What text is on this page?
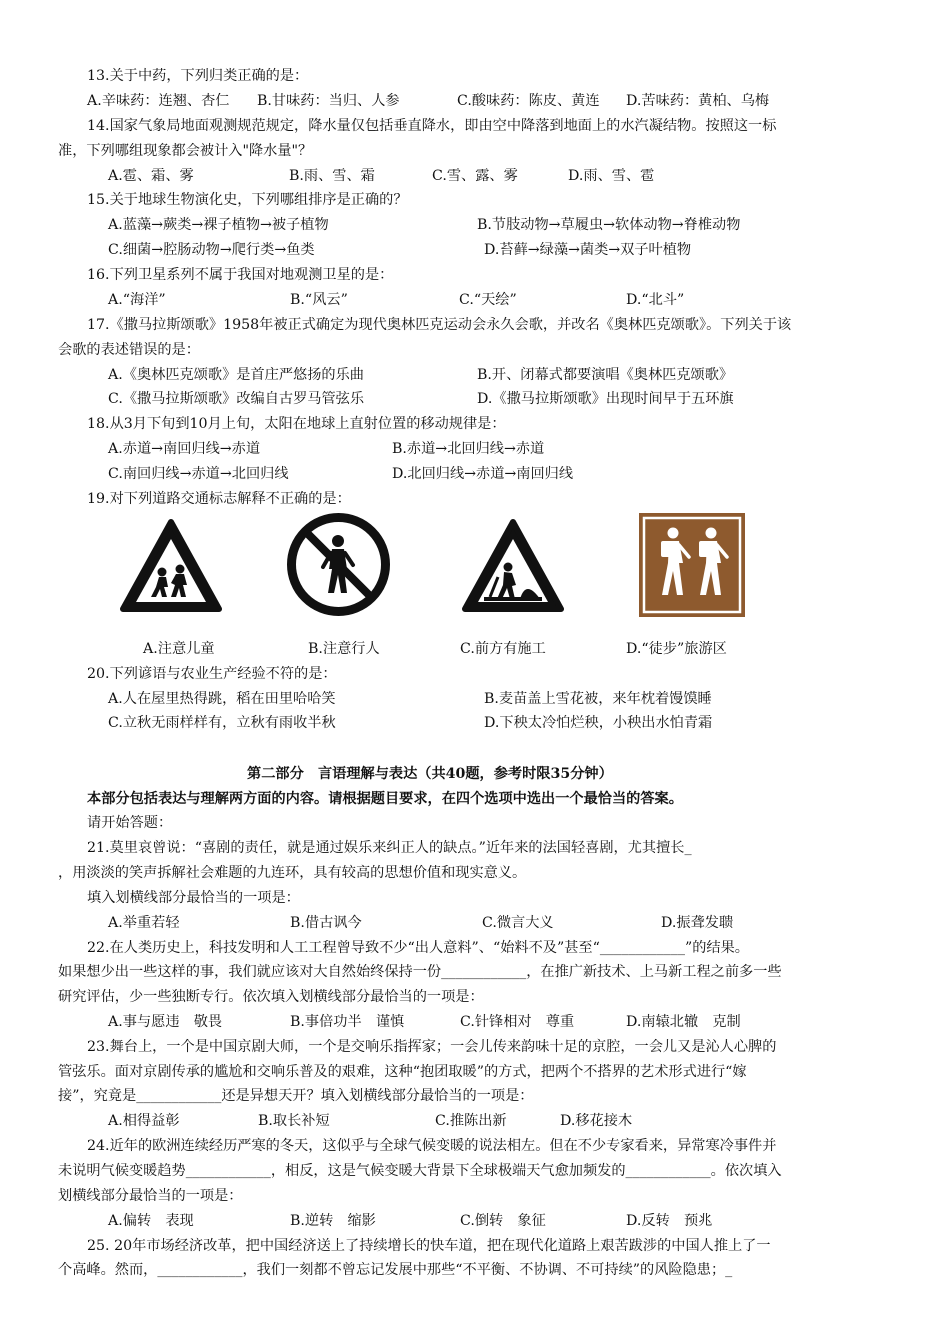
13.关于中药，下列归类正确的是：
A.辛味药：连翘、杏仁 B.甘味药：当归、人参	C.酸味药：陈皮、黄连 D.苦味药：黄柏、乌梅
14.国家气象局地面观测规范规定，降水量仅包括垂直降水，即由空中降落到地面上的水汽凝结物。按照这一标
准，下列哪组现象都会被计入"降水量"？
A.雹、霜、雾	B.雨、雪、霜	C.雪、露、雾	D.雨、雪、雹
15.关于地球生物演化史，下列哪组排序是正确的？
A.蓝藻→蕨类→裸子植物→被子植物	B.节肢动物→草履虫→软体动物→脊椎动物
C.细菌→腔肠动物→爬行类→鱼类	D.苔藓→绿藻→菌类→双子叶植物
16.下列卫星系列不属于我国对地观测卫星的是：
A.“海洋”	B.“风云”	C.“天绘”	D.“北斗”
17.《撒马拉斯颂歌》1958年被正式确定为现代奥林匹克运动会永久会歌，并改名《奥林匹克颂歌》。下列关于该
会歌的表述错误的是：
A.《奥林匹克颂歌》是首庄严悠扬的乐曲	B.开、闭幕式都要演唱《奥林匹克颂歌》
C.《撒马拉斯颂歌》改编自古罗马管弦乐	D.《撒马拉斯颂歌》出现时间早于五环旗
18.从3月下旬到10月上旬，太阳在地球上直射位置的移动规律是：
A.赤道→南回归线→赤道	B.赤道→北回归线→赤道
C.南回归线→赤道→北回归线	D.北回归线→赤道→南回归线
19.对下列道路交通标志解释不正确的是：
A.注意儿童	B.注意行人	C.前方有施工	D.“徒步”旅游区
20.下列谚语与农业生产经验不符的是：
A.人在屋里热得跳，稻在田里哈哈笑	B.麦苗盖上雪花被，来年枕着馒馍睡
C.立秋无雨样样有，立秋有雨收半秋	D.下秧太冷怕烂秧，小秧出水怕青霜
第二部分　言语理解与表达（共40题，参考时限35分钟）
本部分包括表达与理解两方面的内容。请根据题目要求，在四个选项中选出一个最恰当的答案。
请开始答题：
21.莫里哀曾说：“喜剧的责任，就是通过娱乐来纠正人的缺点。”近年来的法国轻喜剧，尤其擅长_
，用淡淡的笑声拆解社会难题的九连环，具有较高的思想价值和现实意义。
填入划横线部分最恰当的一项是：
A.举重若轻	B.借古讽今	C.微言大义	D.振聋发聩
22.在人类历史上，科技发明和人工工程曾导致不少“出人意料”、“始料不及”甚至“____________”的结果。
如果想少出一些这样的事，我们就应该对大自然始终保持一份____________，在推广新技术、上马新工程之前多一些
研究评估，少一些独断专行。依次填入划横线部分最恰当的一项是：
A.事与愿违　敬畏	B.事倍功半　谨慎	C.针锋相对　尊重	D.南辕北辙　克制
23.舞台上，一个是中国京剧大师，一个是交响乐指挥家；一会儿传来韵味十足的京腔，一会儿又是沁人心脾的
管弦乐。面对京剧传承的尴尬和交响乐普及的艰难，这种“抱团取暖”的方式，把两个不搭界的艺术形式进行“嫁
接”，究竟是____________还是异想天开？填入划横线部分最恰当的一项是：
A.相得益彰	B.取长补短	C.推陈出新	D.移花接木
24.近年的欧洲连续经历严寒的冬天，这似乎与全球气候变暖的说法相左。但在不少专家看来，异常寒冷事件并
未说明气候变暖趋势____________，相反，这是气候变暖大背景下全球极端天气愈加频发的____________。依次填入
划横线部分最恰当的一项是：
A.偏转　表现	B.逆转　缩影	C.倒转　象征	D.反转　预兆
25. 20年市场经济改革，把中国经济送上了持续增长的快车道，把在现代化道路上艰苦跋涉的中国人推上了一
个高峰。然而，____________，我们一刻都不曾忘记发展中那些“不平衡、不协调、不可持续”的风险隐患；_
